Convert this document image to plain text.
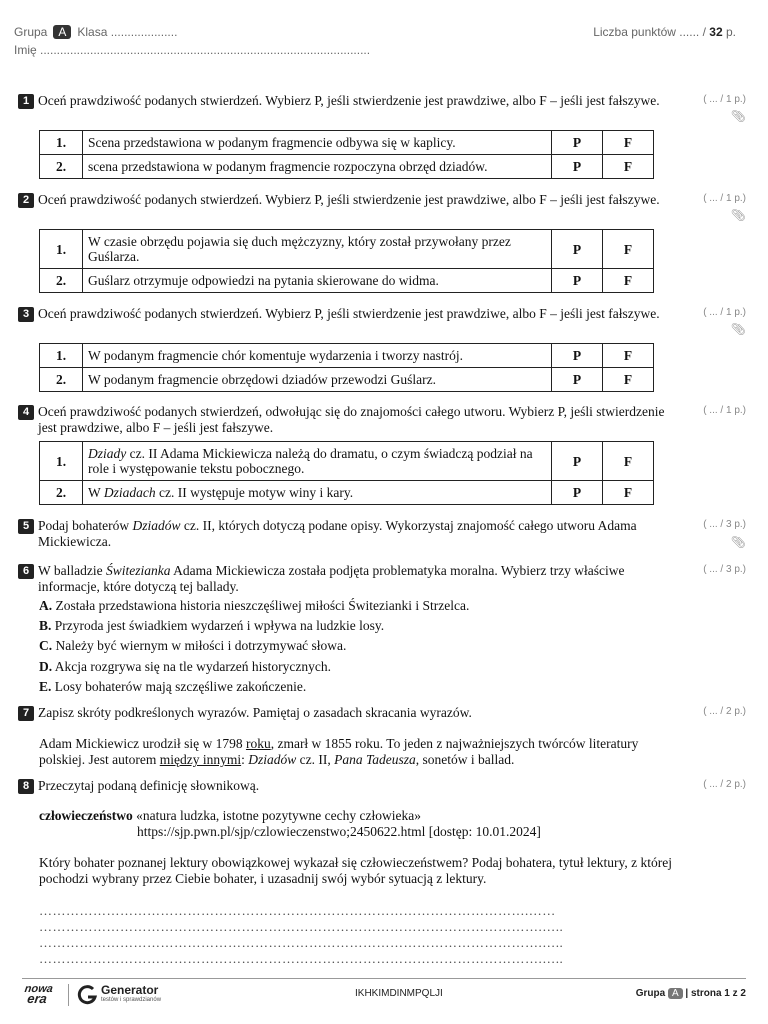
Grupa A Klasa ....................
Imię ...................................................................................................
Liczba punktów ...... / 32 p.
1 Oceń prawdziwość podanych stwierdzeń. Wybierz P, jeśli stwierdzenie jest prawdziwe, albo F – jeśli jest fałszywe.	( ... / 1 p.)
📎︎
1.	Scena przedstawiona w podanym fragmencie odbywa się w kaplicy.	P	F
2.	scena przedstawiona w podanym fragmencie rozpoczyna obrzęd dziadów.	P	F
2 Oceń prawdziwość podanych stwierdzeń. Wybierz P, jeśli stwierdzenie jest prawdziwe, albo F – jeśli jest fałszywe.	( ... / 1 p.)
📎︎
1.	W czasie obrzędu pojawia się duch mężczyzny, który został przywołany przez Guślarza.	P	F
2.	Guślarz otrzymuje odpowiedzi na pytania skierowane do widma.	P	F
3 Oceń prawdziwość podanych stwierdzeń. Wybierz P, jeśli stwierdzenie jest prawdziwe, albo F – jeśli jest fałszywe.	( ... / 1 p.)
📎︎
1.	W podanym fragmencie chór komentuje wydarzenia i tworzy nastrój.	P	F
2.	W podanym fragmencie obrzędowi dziadów przewodzi Guślarz.	P	F
4 Oceń prawdziwość podanych stwierdzeń, odwołując się do znajomości całego utworu. Wybierz P, jeśli stwierdzenie jest prawdziwe, albo F – jeśli jest fałszywe.
( ... / 1 p.)
1.	Dziady cz. II Adama Mickiewicza należą do dramatu, o czym świadczą podział na role i występowanie tekstu pobocznego.	P	F
2.	W Dziadach cz. II występuje motyw winy i kary.	P	F
5 Podaj bohaterów Dziadów cz. II, których dotyczą podane opisy. Wykorzystaj znajomość całego utworu Adama Mickiewicza.
( ... / 3 p.)
📎︎
6 W balladzie Świtezianka Adama Mickiewicza została podjęta problematyka moralna. Wybierz trzy właściwe informacje, które dotyczą tej ballady.
( ... / 3 p.)
A. Została przedstawiona historia nieszczęśliwej miłości Świtezianki i Strzelca.
B. Przyroda jest świadkiem wydarzeń i wpływa na ludzkie losy.
C. Należy być wiernym w miłości i dotrzymywać słowa.
D. Akcja rozgrywa się na tle wydarzeń historycznych.
E. Losy bohaterów mają szczęśliwe zakończenie.
7 Zapisz skróty podkreślonych wyrazów. Pamiętaj o zasadach skracania wyrazów.	( ... / 2 p.)
Adam Mickiewicz urodził się w 1798 roku, zmarł w 1855 roku. To jeden z najważniejszych twórców literatury polskiej. Jest autorem między innymi: Dziadów cz. II, Pana Tadeusza, sonetów i ballad.
8 Przeczytaj podaną definicję słownikową.	( ... / 2 p.)
człowieczeństwo «natura ludzka, istotne pozytywne cechy człowieka»
https://sjp.pwn.pl/sjp/czlowieczenstwo;2450622.html [dostęp: 10.01.2024]
Który bohater poznanej lektury obowiązkowej wykazał się człowieczeństwem? Podaj bohatera, tytuł lektury, z której pochodzi wybrany przez Ciebie bohater, i uzasadnij swój wybór sytuacją z lektury.
……………………………………………………………………………………………….……
………………………………………………………………………………………………….…..
………………………………………………………………………………………………….…..
………………………………………………………………………………………………….…..
nowa
era
Generator
testów i sprawdzianów
IKHKIMDINMPQLJI	Grupa A | strona 1 z 2
